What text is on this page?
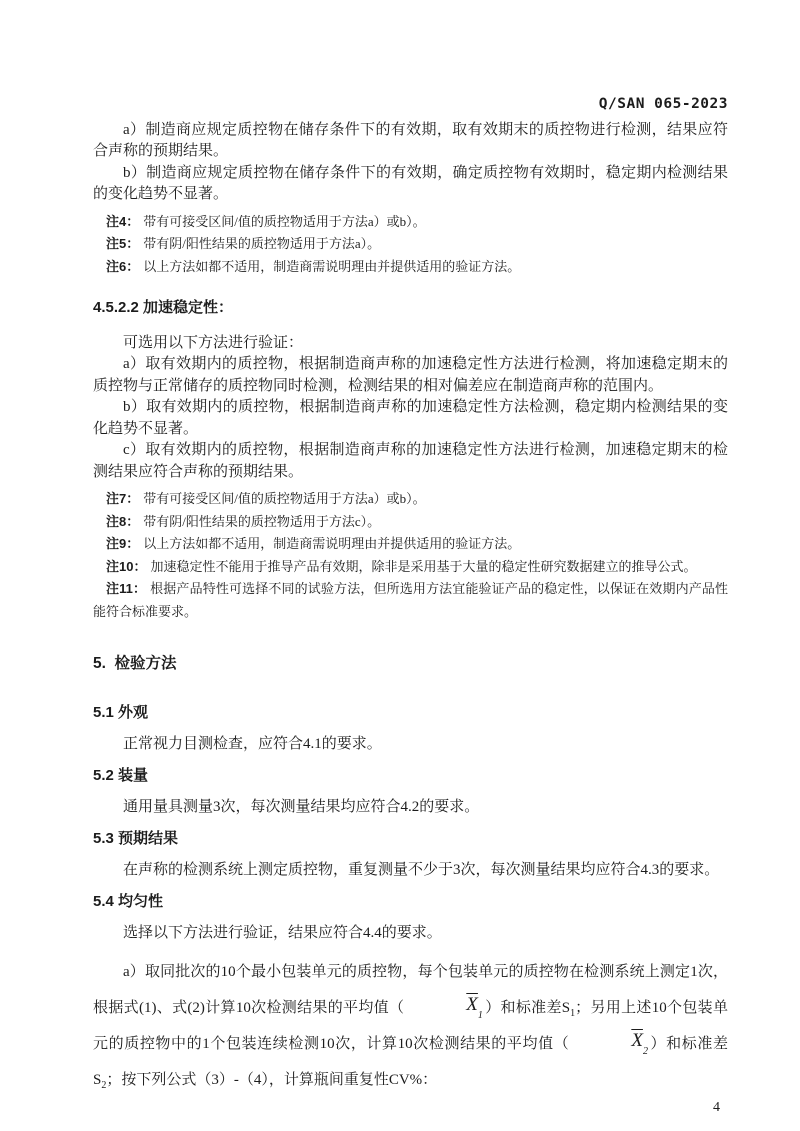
Q/SAN 065-2023

a）制造商应规定质控物在储存条件下的有效期，取有效期末的质控物进行检测，结果应符合声称的预期结果。

b）制造商应规定质控物在储存条件下的有效期，确定质控物有效期时，稳定期内检测结果的变化趋势不显著。

注4： 带有可接受区间/值的质控物适用于方法a）或b）。

注5： 带有阴/阳性结果的质控物适用于方法a）。

注6： 以上方法如都不适用，制造商需说明理由并提供适用的验证方法。

4.5.2.2 加速稳定性：

可选用以下方法进行验证：

a）取有效期内的质控物，根据制造商声称的加速稳定性方法进行检测，将加速稳定期末的质控物与正常储存的质控物同时检测，检测结果的相对偏差应在制造商声称的范围内。

b）取有效期内的质控物，根据制造商声称的加速稳定性方法检测，稳定期内检测结果的变化趋势不显著。

c）取有效期内的质控物，根据制造商声称的加速稳定性方法进行检测，加速稳定期末的检测结果应符合声称的预期结果。

注7： 带有可接受区间/值的质控物适用于方法a）或b）。

注8： 带有阴/阳性结果的质控物适用于方法c）。

注9： 以上方法如都不适用，制造商需说明理由并提供适用的验证方法。

注10： 加速稳定性不能用于推导产品有效期，除非是采用基于大量的稳定性研究数据建立的推导公式。

注11： 根据产品特性可选择不同的试验方法，但所选用方法宜能验证产品的稳定性，以保证在效期内产品性能符合标准要求。

5.  检验方法

5.1 外观

正常视力目测检查，应符合4.1的要求。

5.2 装量

通用量具测量3次，每次测量结果均应符合4.2的要求。

5.3 预期结果

在声称的检测系统上测定质控物，重复测量不少于3次，每次测量结果均应符合4.3的要求。

5.4 均匀性

选择以下方法进行验证，结果应符合4.4的要求。

a）取同批次的10个最小包装单元的质控物，每个包装单元的质控物在检测系统上测定1次，根据式(1)、式(2)计算10次检测结果的平均值（	$\overline{X}_1$ ）和标准差$S_1$；另用上述10个包装单元的质控物中的1个包装连续检测10次，计算10次检测结果的平均值（	$\overline{X}_2$ ）和标准差$S_2$；按下列公式（3）-（4），计算瓶间重复性CV%：

4
